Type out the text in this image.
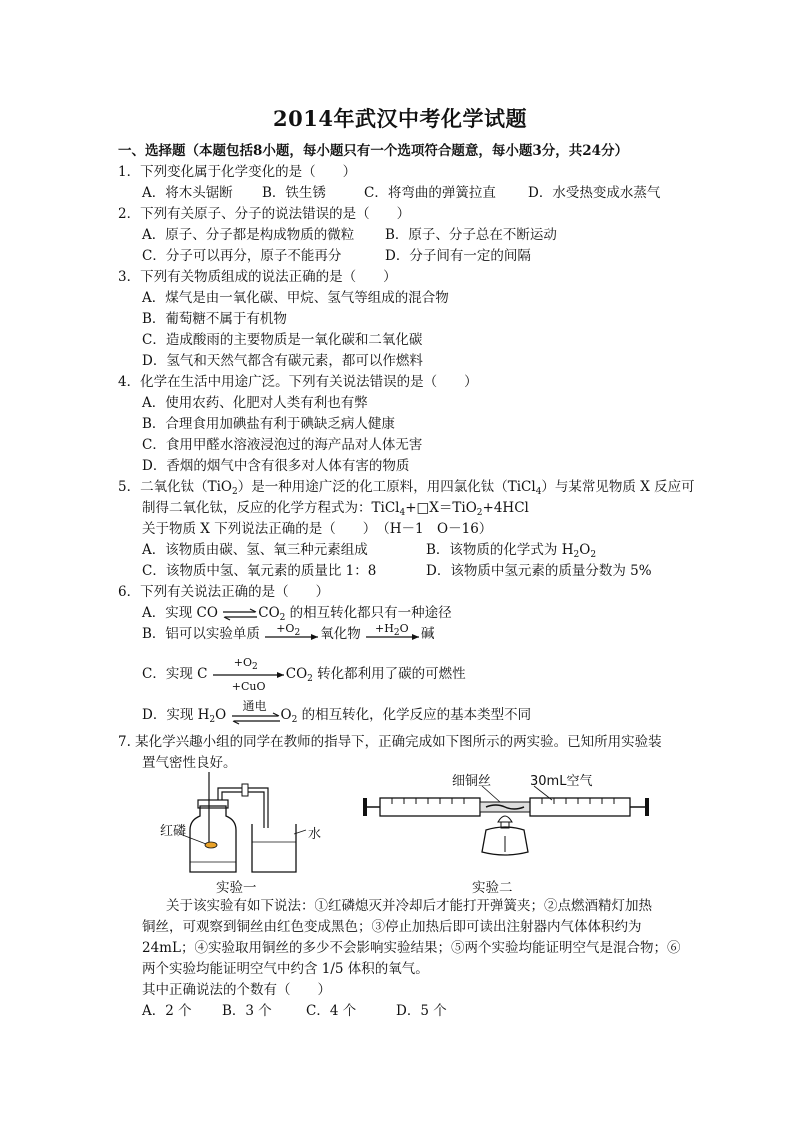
2014年武汉中考化学试题
一、选择题（本题包括8小题，每小题只有一个选项符合题意，每小题3分，共24分）
1．下列变化属于化学变化的是（　　）
A．将木头锯断 B．铁生锈	C．将弯曲的弹簧拉直 D．水受热变成水蒸气
2．下列有关原子、分子的说法错误的是（　　）
A．原子、分子都是构成物质的微粒 B．原子、分子总在不断运动
C．分子可以再分，原子不能再分	D．分子间有一定的间隔
3．下列有关物质组成的说法正确的是（　　）
A．煤气是由一氧化碳、甲烷、氢气等组成的混合物
B．葡萄糖不属于有机物
C．造成酸雨的主要物质是一氧化碳和二氧化碳
D．氢气和天然气都含有碳元素，都可以作燃料
4．化学在生活中用途广泛。下列有关说法错误的是（　　）
A．使用农药、化肥对人类有利也有弊
B．合理食用加碘盐有利于碘缺乏病人健康
C．食用甲醛水溶液浸泡过的海产品对人体无害
D．香烟的烟气中含有很多对人体有害的物质
5．二氧化钛（TiO$_2$）是一种用途广泛的化工原料，用四氯化钛（TiCl$_4$）与某常见物质 X 反应可
制得二氧化钛，反应的化学方程式为：TiCl$_4$+□X＝TiO$_2$+4HCl
关于物质 X 下列说法正确的是（　　）　（H－1　O－16）
A．该物质由碳、氢、氧三种元素组成	B．该物质的化学式为 $H_2O_2$
C．该物质中氢、氧元素的质量比 1：8	D．该物质中氢元素的质量分数为 5%
6．下列有关说法正确的是（　　）
A．实现 CO $\rightleftharpoons CO_2$ 的相互转化都只有一种途径
B．铝可以实验单质 $+O_2$ 氧化物 $+H_2O$ 碱
C．实现 C
$+O_2$
+CuO
$CO_2$ 转化都利用了碳的可燃性
D．实现 $H_2O$
通电
$O_2$ 的相互转化，化学反应的基本类型不同
7. 某化学兴趣小组的同学在教师的指导下，正确完成如下图所示的两实验。已知所用实验装
置气密性良好。
红磷	水
细铜丝	30mL空气
实验一	实验二
关于该实验有如下说法：①红磷熄灭并冷却后才能打开弹簧夹；②点燃酒精灯加热
铜丝，可观察到铜丝由红色变成黑色；③停止加热后即可读出注射器内气体体积约为
24mL；④实验取用铜丝的多少不会影响实验结果；⑤两个实验均能证明空气是混合物；⑥
两个实验均能证明空气中约含 1/5 体积的氧气。
其中正确说法的个数有（　　）
A．2 个 B．3 个	C．4 个	D．5 个
